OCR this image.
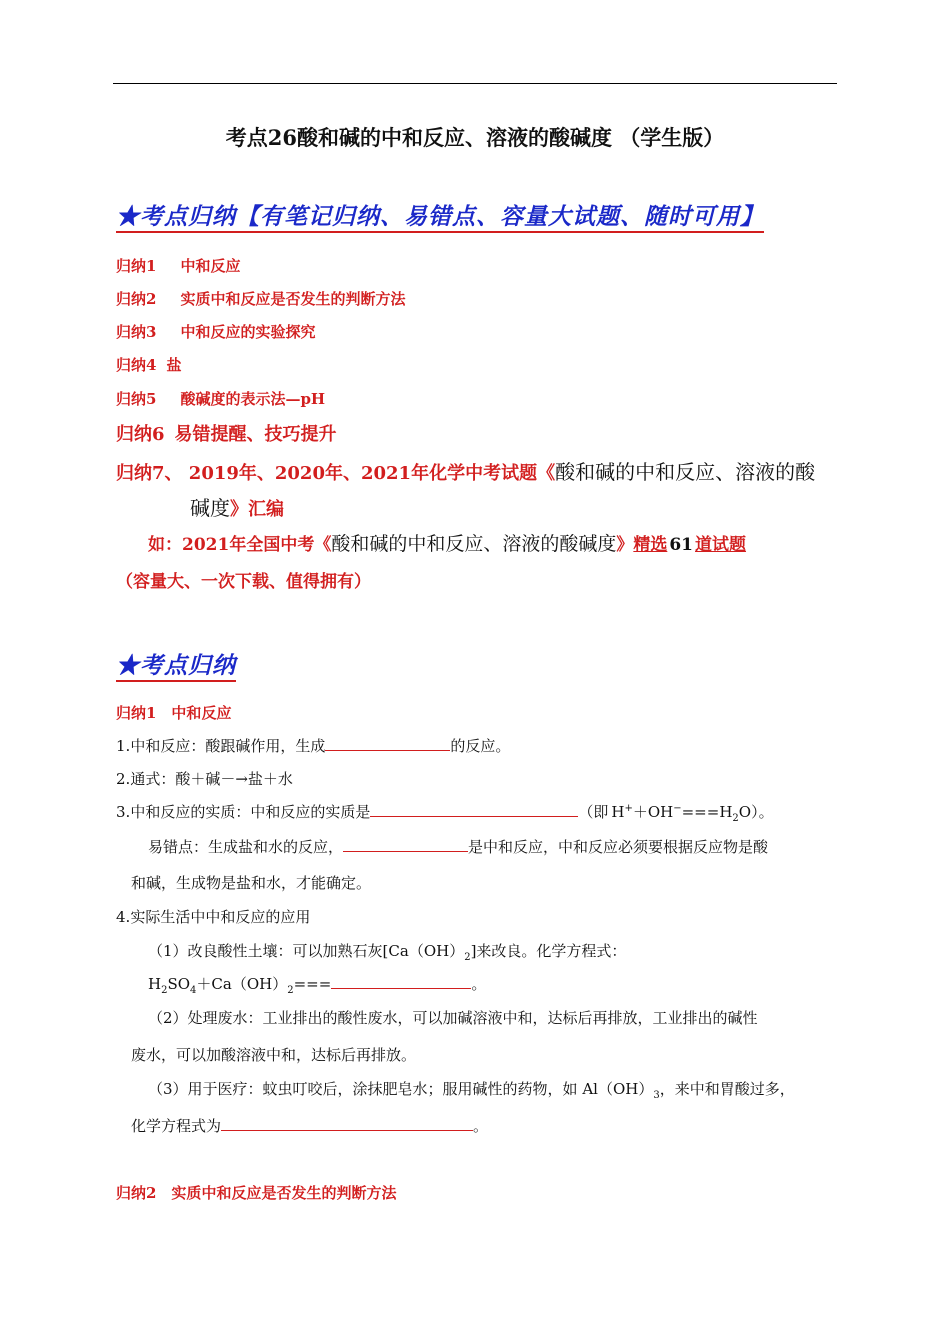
考点26酸和碱的中和反应、溶液的酸碱度 （学生版）
★考点归纳【有笔记归纳、易错点、容量大试题、随时可用】
归纳1 中和反应
归纳2 实质中和反应是否发生的判断方法
归纳3 中和反应的实验探究
归纳4 盐
归纳5 酸碱度的表示法—pH
归纳6 易错提醒、技巧提升
归纳7、 2019年、2020年、2021年化学中考试题《酸和碱的中和反应、溶液的酸
碱度》汇编
如：2021年全国中考《酸和碱的中和反应、溶液的酸碱度》精选 61 道试题
（容量大、一次下载、值得拥有）
★考点归纳
归纳1　中和反应
1.中和反应：酸跟碱作用，生成	的反应。
2.通式：酸＋碱－→盐＋水
3.中和反应的实质：中和反应的实质是	（即 $H^++OH^-===H_2O$）。
易错点：生成盐和水的反应，	是中和反应，中和反应必须要根据反应物是酸
和碱，生成物是盐和水，才能确定。
4.实际生活中中和反应的应用
（1）改良酸性土壤：可以加熟石灰$[Ca(OH)_2]$来改良。化学方程式：
$H_2SO_4+Ca(OH)_2===$	。
（2）处理废水：工业排出的酸性废水，可以加碱溶液中和，达标后再排放，工业排出的碱性
废水，可以加酸溶液中和，达标后再排放。
（3）用于医疗：蚊虫叮咬后，涂抹肥皂水；服用碱性的药物，如 $Al(OH)_3$，来中和胃酸过多，
化学方程式为	。
归纳2　实质中和反应是否发生的判断方法
